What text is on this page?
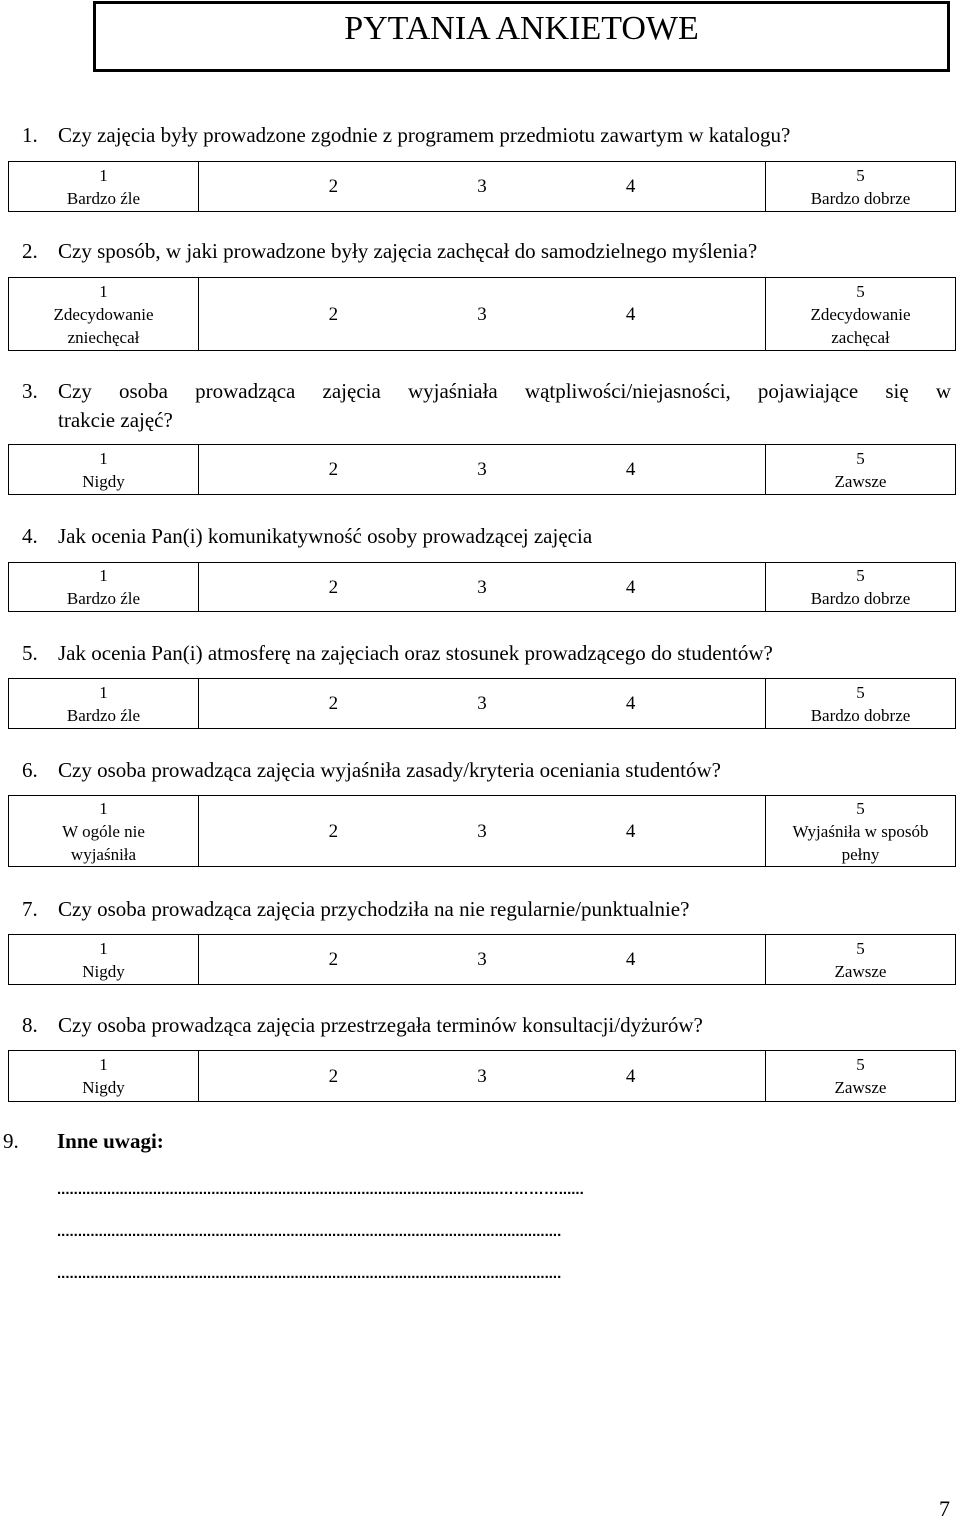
PYTANIA ANKIETOWE
1. Czy zajęcia były prowadzone zgodnie z programem przedmiotu zawartym w katalogu?
1
Bardzo źle

2	3	4

5
Bardzo dobrze
2. Czy sposób, w jaki prowadzone były zajęcia zachęcał do samodzielnego myślenia?
1
Zdecydowanie
zniechęcał

2	3	4

5
Zdecydowanie
zachęcał
3. Czy osoba prowadząca zajęcia wyjaśniała wątpliwości/niejasności, pojawiające się w
trakcie zajęć?
1
Nigdy

2	3	4

5
Zawsze
4. Jak ocenia Pan(i) komunikatywność osoby prowadzącej zajęcia
1
Bardzo źle

2	3	4

5
Bardzo dobrze
5. Jak ocenia Pan(i) atmosferę na zajęciach oraz stosunek prowadzącego do studentów?
1
Bardzo źle

2	3	4

5
Bardzo dobrze
6. Czy osoba prowadząca zajęcia wyjaśniła zasady/kryteria oceniania studentów?
1
W ogóle nie
wyjaśniła

2	3	4

5
Wyjaśniła w sposób
pełny
7. Czy osoba prowadząca zajęcia przychodziła na nie regularnie/punktualnie?
1
Nigdy

2	3	4

5
Zawsze
8. Czy osoba prowadząca zajęcia przestrzegała terminów konsultacji/dyżurów?
1
Nigdy

2	3	4

5
Zawsze
9. Inne uwagi:
..........................................................................................................…………......
.........................................................................................................................
.........................................................................................................................
7
